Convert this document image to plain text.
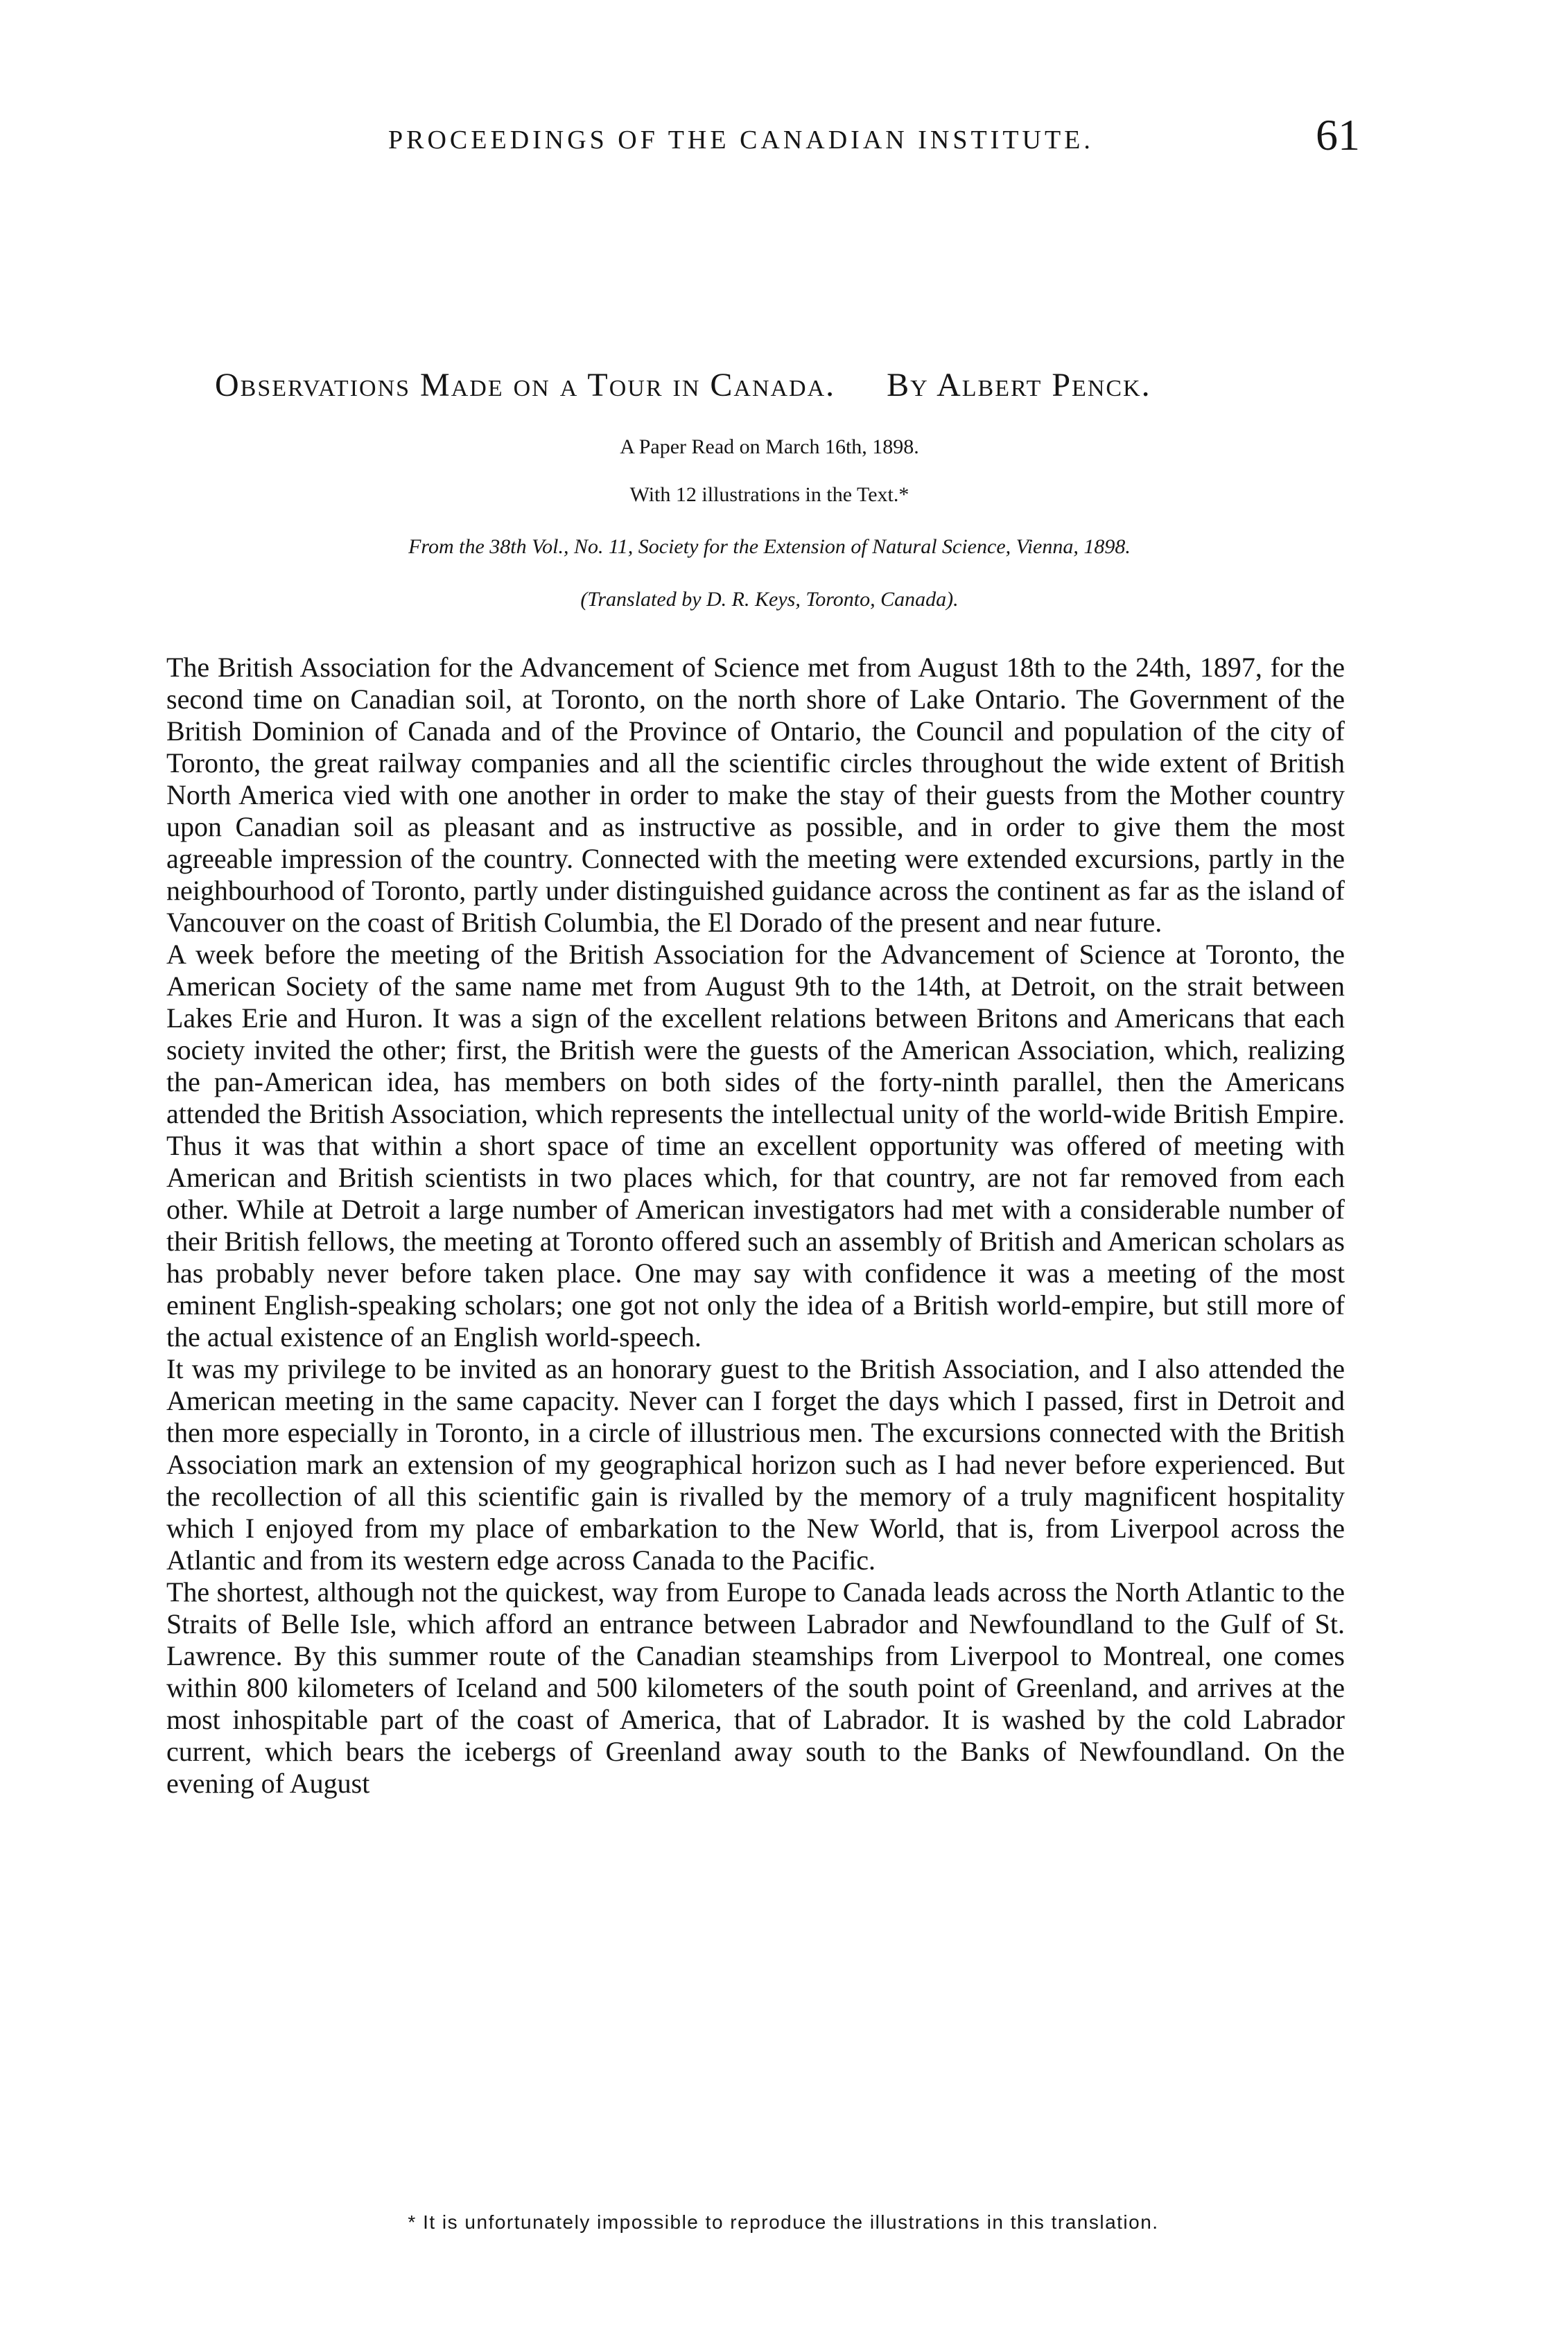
PROCEEDINGS OF THE CANADIAN INSTITUTE.	61
Observations Made on a Tour in Canada. By Albert Penck.
A Paper Read on March 16th, 1898.
With 12 illustrations in the Text.*
From the 38th Vol., No. 11, Society for the Extension of Natural Science, Vienna, 1898.
(Translated by D. R. Keys, Toronto, Canada).

The British Association for the Advancement of Science met from August 18th to the 24th, 1897, for the second time on Canadian soil, at Toronto, on the north shore of Lake Ontario. The Government of the British Dominion of Canada and of the Province of Ontario, the Council and population of the city of Toronto, the great railway companies and all the scientific circles throughout the wide extent of British North America vied with one another in order to make the stay of their guests from the Mother country upon Canadian soil as pleasant and as instructive as possible, and in order to give them the most agreeable impression of the country. Connected with the meeting were extended excursions, partly in the neighbourhood of Toronto, partly under distinguished guidance across the continent as far as the island of Vancouver on the coast of British Columbia, the El Dorado of the present and near future.

A week before the meeting of the British Association for the Advancement of Science at Toronto, the American Society of the same name met from August 9th to the 14th, at Detroit, on the strait between Lakes Erie and Huron. It was a sign of the excellent relations between Britons and Americans that each society invited the other; first, the British were the guests of the American Association, which, realizing the pan-American idea, has members on both sides of the forty-ninth parallel, then the Americans attended the British Association, which represents the intellectual unity of the world-wide British Empire. Thus it was that within a short space of time an excellent opportunity was offered of meeting with American and British scientists in two places which, for that country, are not far removed from each other. While at Detroit a large number of American investigators had met with a considerable number of their British fellows, the meeting at Toronto offered such an assembly of British and American scholars as has probably never before taken place. One may say with confidence it was a meeting of the most eminent English-speaking scholars; one got not only the idea of a British world-empire, but still more of the actual existence of an English world-speech.

It was my privilege to be invited as an honorary guest to the British Association, and I also attended the American meeting in the same capacity. Never can I forget the days which I passed, first in Detroit and then more especially in Toronto, in a circle of illustrious men. The excursions connected with the British Association mark an extension of my geographical horizon such as I had never before experienced. But the recollection of all this scientific gain is rivalled by the memory of a truly magnificent hospitality which I enjoyed from my place of embarkation to the New World, that is, from Liverpool across the Atlantic and from its western edge across Canada to the Pacific.

The shortest, although not the quickest, way from Europe to Canada leads across the North Atlantic to the Straits of Belle Isle, which afford an entrance between Labrador and Newfoundland to the Gulf of St. Lawrence. By this summer route of the Canadian steamships from Liverpool to Montreal, one comes within 800 kilometers of Iceland and 500 kilometers of the south point of Greenland, and arrives at the most inhospitable part of the coast of America, that of Labrador. It is washed by the cold Labrador current, which bears the icebergs of Greenland away south to the Banks of Newfoundland. On the evening of August

* It is unfortunately impossible to reproduce the illustrations in this translation.
